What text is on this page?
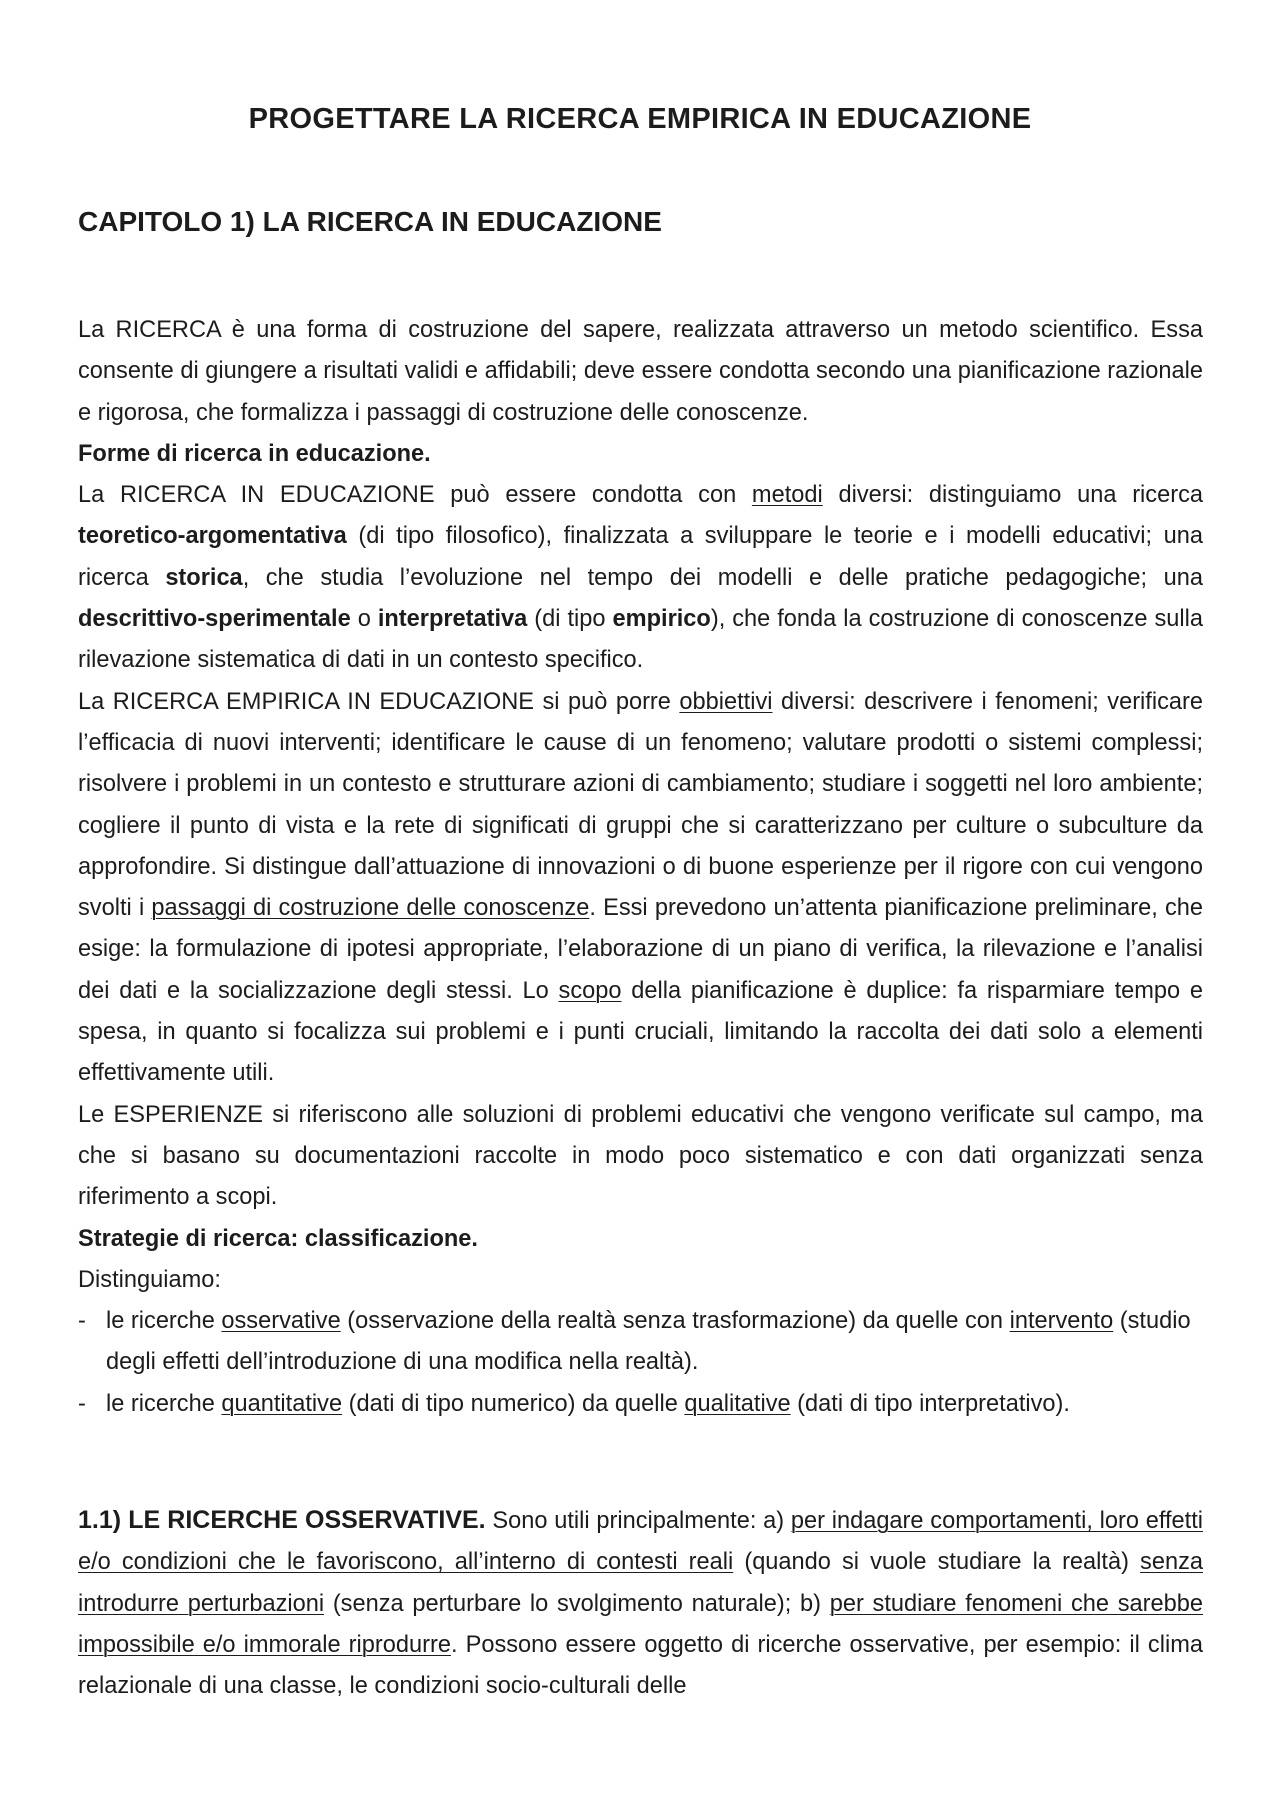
PROGETTARE LA RICERCA EMPIRICA IN EDUCAZIONE
CAPITOLO 1) LA RICERCA IN EDUCAZIONE

La RICERCA è una forma di costruzione del sapere, realizzata attraverso un metodo scientifico. Essa consente di giungere a risultati validi e affidabili; deve essere condotta secondo una pianificazione razionale e rigorosa, che formalizza i passaggi di costruzione delle conoscenze.

Forme di ricerca in educazione.

La RICERCA IN EDUCAZIONE può essere condotta con metodi diversi: distinguiamo una ricerca teoretico-argomentativa (di tipo filosofico), finalizzata a sviluppare le teorie e i modelli educativi; una ricerca storica, che studia l’evoluzione nel tempo dei modelli e delle pratiche pedagogiche; una descrittivo-sperimentale o interpretativa (di tipo empirico), che fonda la costruzione di conoscenze sulla rilevazione sistematica di dati in un contesto specifico.

La RICERCA EMPIRICA IN EDUCAZIONE si può porre obbiettivi diversi: descrivere i fenomeni; verificare l’efficacia di nuovi interventi; identificare le cause di un fenomeno; valutare prodotti o sistemi complessi; risolvere i problemi in un contesto e strutturare azioni di cambiamento; studiare i soggetti nel loro ambiente; cogliere il punto di vista e la rete di significati di gruppi che si caratterizzano per culture o subculture da approfondire. Si distingue dall’attuazione di innovazioni o di buone esperienze per il rigore con cui vengono svolti i passaggi di costruzione delle conoscenze. Essi prevedono un’attenta pianificazione preliminare, che esige: la formulazione di ipotesi appropriate, l’elaborazione di un piano di verifica, la rilevazione e l’analisi dei dati e la socializzazione degli stessi. Lo scopo della pianificazione è duplice: fa risparmiare tempo e spesa, in quanto si focalizza sui problemi e i punti cruciali, limitando la raccolta dei dati solo a elementi effettivamente utili.

Le ESPERIENZE si riferiscono alle soluzioni di problemi educativi che vengono verificate sul campo, ma che si basano su documentazioni raccolte in modo poco sistematico e con dati organizzati senza riferimento a scopi.

Strategie di ricerca: classificazione.

Distinguiamo:

- le ricerche osservative (osservazione della realtà senza trasformazione) da quelle con intervento (studio degli effetti dell’introduzione di una modifica nella realtà).
- le ricerche quantitative (dati di tipo numerico) da quelle qualitative (dati di tipo interpretativo).

1.1) LE RICERCHE OSSERVATIVE. Sono utili principalmente: a) per indagare comportamenti, loro effetti e/o condizioni che le favoriscono, all’interno di contesti reali (quando si vuole studiare la realtà) senza introdurre perturbazioni (senza perturbare lo svolgimento naturale); b) per studiare fenomeni che sarebbe impossibile e/o immorale riprodurre. Possono essere oggetto di ricerche osservative, per esempio: il clima relazionale di una classe, le condizioni socio-culturali delle
